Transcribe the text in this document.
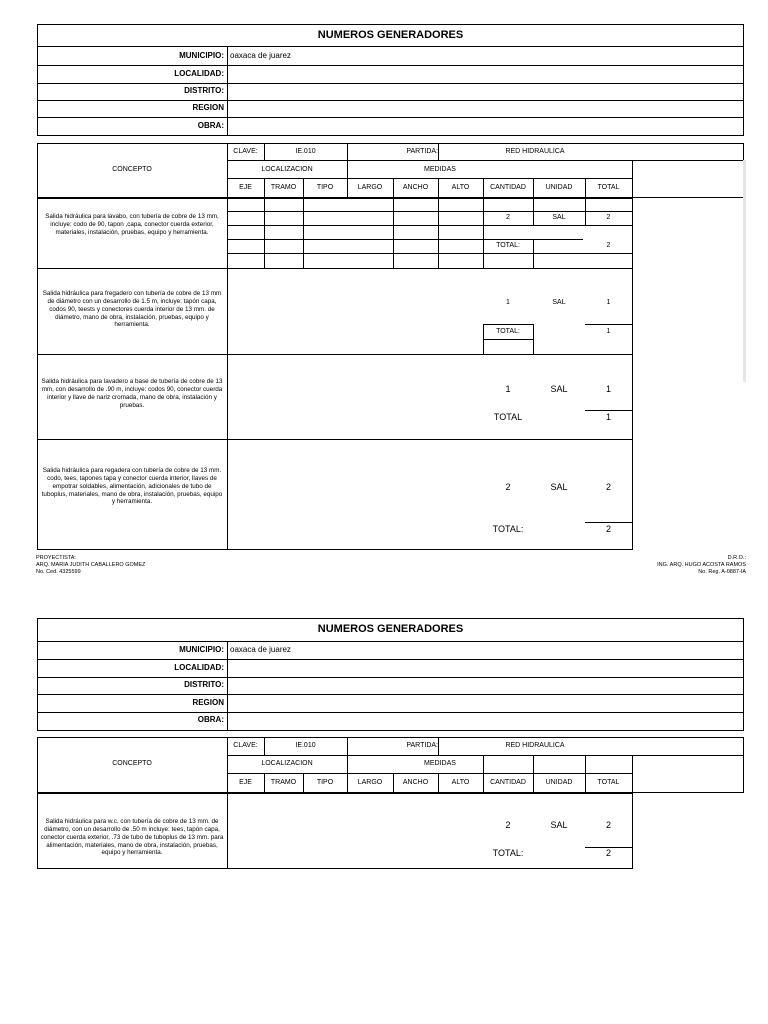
NUMEROS GENERADORES
MUNICIPIO: oaxaca de juarez
LOCALIDAD:
DISTRITO:
REGION
OBRA:
CLAVE:	IE.010	PARTIDA:	RED HIDRAULICA
CONCEPTO	LOCALIZACION	MEDIDAS
EJE	TRAMO	TIPO	LARGO	ANCHO	ALTO	CANTIDAD	UNIDAD	TOTAL
Salida hidráulica para lavabo, con tubería de cobre de 13 mm, incluye: codo de 90, tapon ,capa, conector cuerda exterior, materiales, instalación, pruebas, equipo y herramienta.
2	SAL	2
TOTAL:	2
Salida hidráulica para fregadero con tubería de cobre de 13 mm de diámetro con un desarrollo de 1.5 m, incluye: tapón capa, codos 90, teests y conectores cuerda interior de 13 mm. de diámetro, mano de obra, instalación, pruebas, equipo y herramienta.
1	SAL	1
TOTAL:	1
Salida hidráulica para lavadero a base de tubería de cobre de 13 mm, con desarrollo de .90 m, incluye: codos 90, conector cuerda interior y llave de nariz cromada, mano de obra, instalación y pruebas.
1	SAL	1
TOTAL	1
Salida hidráulica para regadera con tubería de cobre de 13 mm. codo, tees, tapones tapa y conector cuerda interior, llaves de empotrar soldables, alimentación, adicionales de tubo de tuboplus, materiales, mano de obra, instalación, pruebas, equipo y herramienta.
2	SAL	2
TOTAL:	2
PROYECTISTA:
ARQ. MARIA JUDITH CABALLERO GOMEZ
No. Ced. 4325599
D.R.O.:
ING. ARQ. HUGO ACOSTA RAMOS
No. Reg. A-0887-IA
NUMEROS GENERADORES
MUNICIPIO: oaxaca de juarez
LOCALIDAD:
DISTRITO:
REGION
OBRA:
CLAVE:	IE.010	PARTIDA:	RED HIDRAULICA
CONCEPTO	LOCALIZACION	MEDIDAS
EJE	TRAMO	TIPO	LARGO	ANCHO	ALTO	CANTIDAD	UNIDAD	TOTAL
Salida hidráulica para w.c. con tubería de cobre de 13 mm. de diámetro, con un desarrollo de .50 m incluye: tees, tapón capa, conector cuerda exterior, .73 de tubo de tuboplus de 13 mm. para alimentación, materiales, mano de obra, instalación, pruebas, equipo y herramienta.
2	SAL	2
TOTAL:	2
